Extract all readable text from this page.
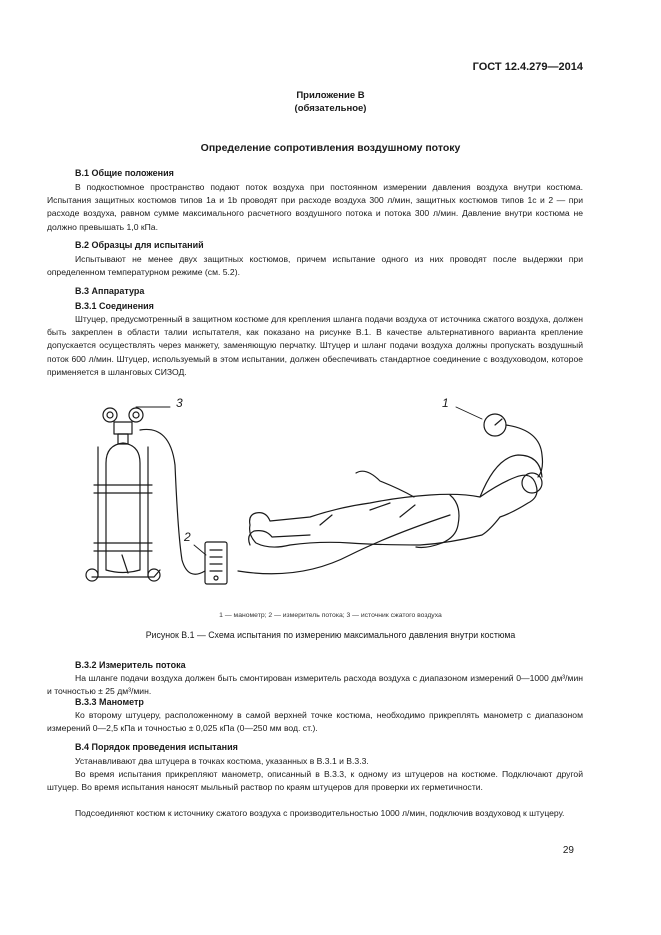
ГОСТ 12.4.279—2014
Приложение В
(обязательное)
Определение сопротивления воздушному потоку
В.1 Общие положения
В подкостюмное пространство подают поток воздуха при постоянном измерении давления воздуха внутри костюма. Испытания защитных костюмов типов 1а и 1b проводят при расходе воздуха 300 л/мин, защитных костюмов типов 1с и 2 — при расходе воздуха, равном сумме максимального расчетного воздушного потока и потока 300 л/мин. Давление внутри костюма не должно превышать 1,0 кПа.
В.2 Образцы для испытаний
Испытывают не менее двух защитных костюмов, причем испытание одного из них проводят после выдержки при определенном температурном режиме (см. 5.2).
В.3 Аппаратура
В.3.1 Соединения
Штуцер, предусмотренный в защитном костюме для крепления шланга подачи воздуха от источника сжатого воздуха, должен быть закреплен в области талии испытателя, как показано на рисунке В.1. В качестве альтернативного варианта крепление допускается осуществлять через манжету, заменяющую перчатку. Штуцер и шланг подачи воздуха должны пропускать воздушный поток 600 л/мин. Штуцер, используемый в этом испытании, должен обеспечивать стандартное соединение с воздуховодом, которое применяется в шланговых СИЗОД.
3	1
2
1 — манометр; 2 — измеритель потока; 3 — источник сжатого воздуха
Рисунок В.1 — Схема испытания по измерению максимального давления внутри костюма
В.3.2 Измеритель потока
На шланге подачи воздуха должен быть смонтирован измеритель расхода воздуха с диапазоном измерений 0—1000 дм³/мин и точностью ± 25 дм³/мин.
В.3.3 Манометр
Ко второму штуцеру, расположенному в самой верхней точке костюма, необходимо прикреплять манометр с диапазоном измерений 0—2,5 кПа и точностью ± 0,025 кПа (0—250 мм вод. ст.).
В.4 Порядок проведения испытания
Устанавливают два штуцера в точках костюма, указанных в В.3.1 и В.3.3.
Во время испытания прикрепляют манометр, описанный в В.3.3, к одному из штуцеров на костюме. Подключают другой штуцер. Во время испытания наносят мыльный раствор по краям штуцеров для проверки их герметичности.
Подсоединяют костюм к источнику сжатого воздуха с производительностью 1000 л/мин, подключив воздуховод к штуцеру.
29
